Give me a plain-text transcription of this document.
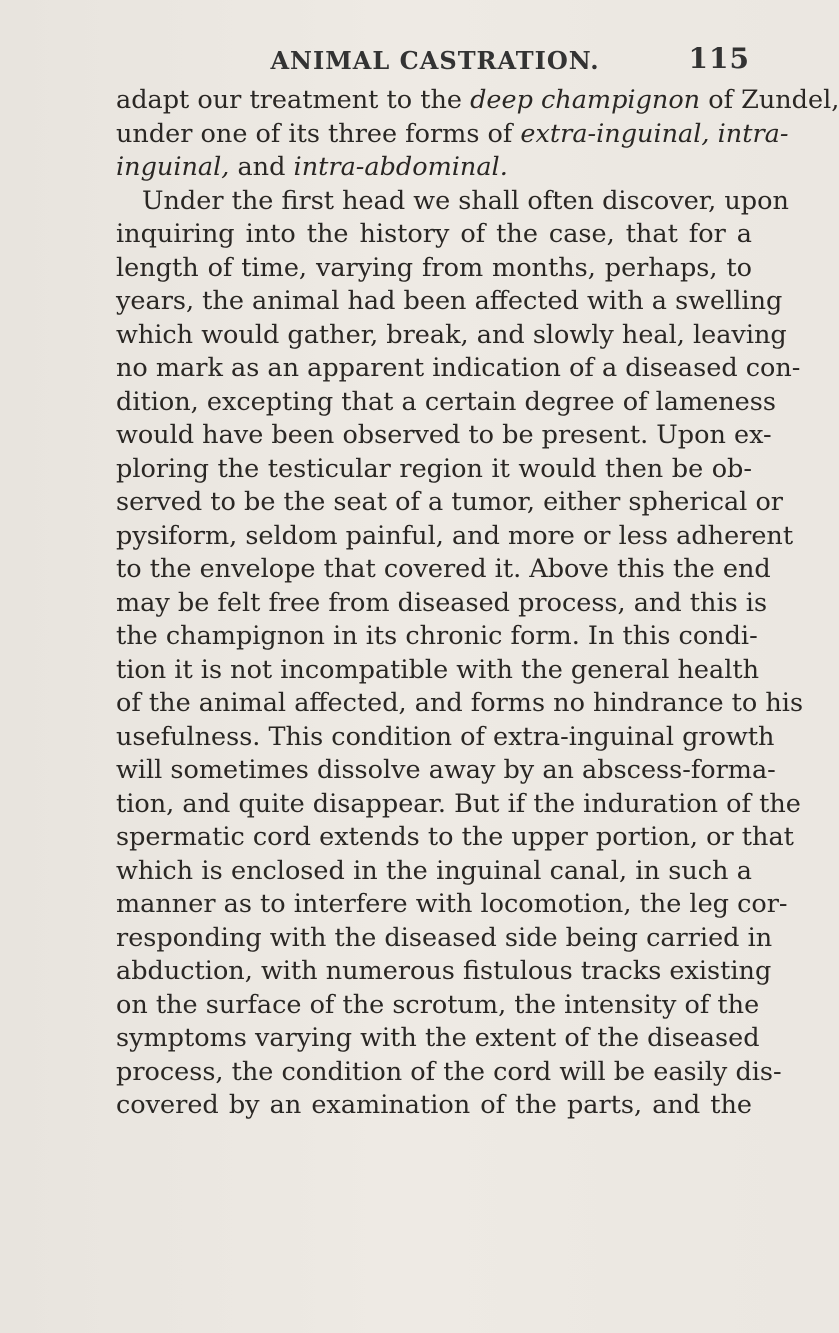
ANIMAL CASTRATION.	115
adapt our treatment to the deep champignon of Zundel,
under one of its three forms of extra-inguinal, intra-
inguinal, and intra-abdominal.
Under the first head we shall often discover, upon
inquiring into the history of the case, that for a
length of time, varying from months, perhaps, to
years, the animal had been affected with a swelling
which would gather, break, and slowly heal, leaving
no mark as an apparent indication of a diseased con-
dition, excepting that a certain degree of lameness
would have been observed to be present. Upon ex-
ploring the testicular region it would then be ob-
served to be the seat of a tumor, either spherical or
pysiform, seldom painful, and more or less adherent
to the envelope that covered it. Above this the end
may be felt free from diseased process, and this is
the champignon in its chronic form. In this condi-
tion it is not incompatible with the general health
of the animal affected, and forms no hindrance to his
usefulness. This condition of extra-inguinal growth
will sometimes dissolve away by an abscess-forma-
tion, and quite disappear. But if the induration of the
spermatic cord extends to the upper portion, or that
which is enclosed in the inguinal canal, in such a
manner as to interfere with locomotion, the leg cor-
responding with the diseased side being carried in
abduction, with numerous fistulous tracks existing
on the surface of the scrotum, the intensity of the
symptoms varying with the extent of the diseased
process, the condition of the cord will be easily dis-
covered by an examination of the parts, and the
